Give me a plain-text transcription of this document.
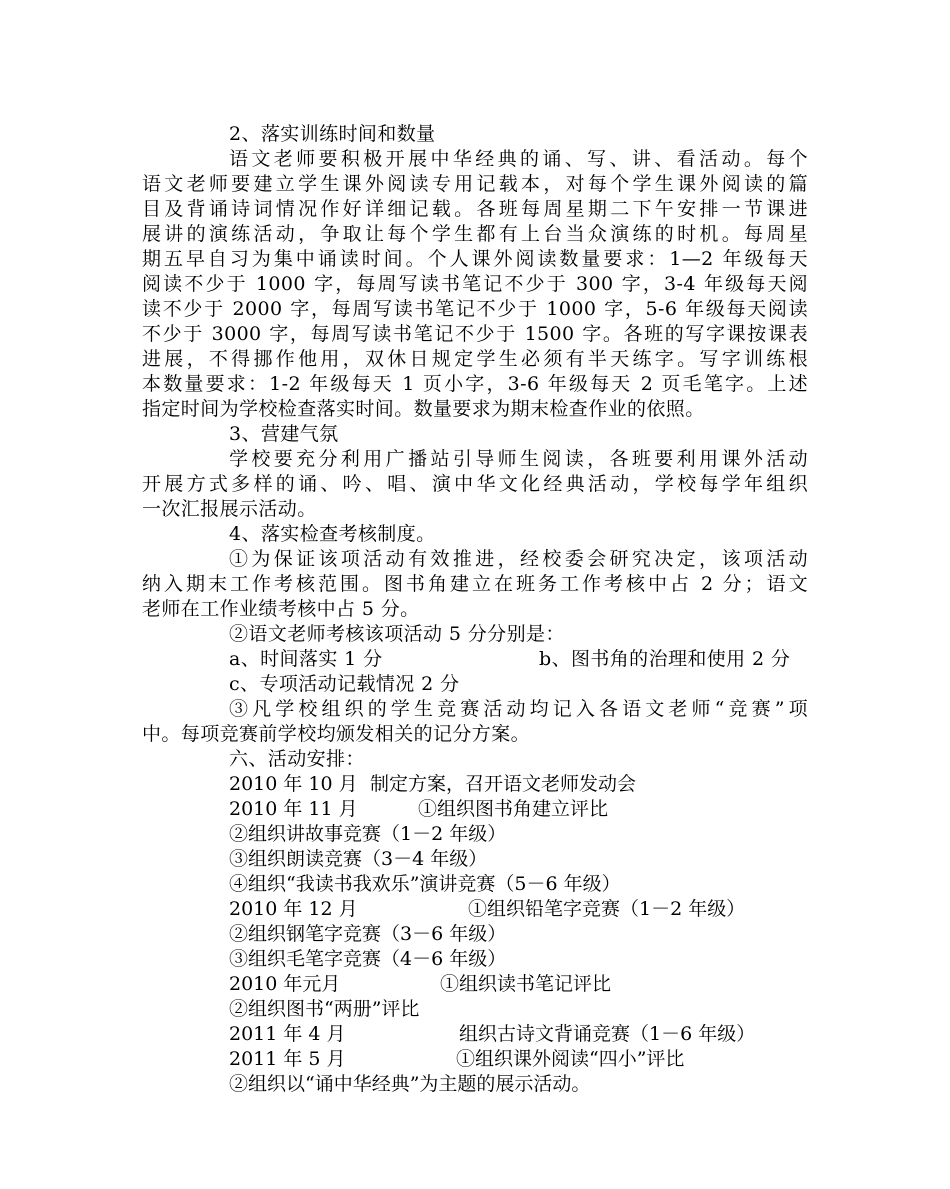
2、落实训练时间和数量
语文老师要积极开展中华经典的诵、写、讲、看活动。每个
语文老师要建立学生课外阅读专用记载本，对每个学生课外阅读的篇
目及背诵诗词情况作好详细记载。各班每周星期二下午安排一节课进
展讲的演练活动，争取让每个学生都有上台当众演练的时机。每周星
期五早自习为集中诵读时间。个人课外阅读数量要求：1—2 年级每天
阅读不少于 1000 字，每周写读书笔记不少于 300 字，3-4 年级每天阅
读不少于 2000 字，每周写读书笔记不少于 1000 字，5-6 年级每天阅读
不少于 3000 字，每周写读书笔记不少于 1500 字。各班的写字课按课表
进展，不得挪作他用，双休日规定学生必须有半天练字。写字训练根
本数量要求：1-2 年级每天 1 页小字，3-6 年级每天 2 页毛笔字。上述
指定时间为学校检查落实时间。数量要求为期末检查作业的依照。
3、营建气氛
学校要充分利用广播站引导师生阅读，各班要利用课外活动
开展方式多样的诵、吟、唱、演中华文化经典活动，学校每学年组织
一次汇报展示活动。
4、落实检查考核制度。
①为保证该项活动有效推进，经校委会研究决定，该项活动
纳入期末工作考核范围。图书角建立在班务工作考核中占 2 分；语文
老师在工作业绩考核中占 5 分。
②语文老师考核该项活动 5 分分别是：
a、时间落实 1 分	b、图书角的治理和使用 2 分
c、专项活动记载情况 2 分
③凡学校组织的学生竞赛活动均记入各语文老师“竞赛”项
中。每项竞赛前学校均颁发相关的记分方案。
六、活动安排：
2010 年 10 月 制定方案，召开语文老师发动会
2010 年 11 月	①组织图书角建立评比
②组织讲故事竞赛（1－2 年级）
③组织朗读竞赛（3－4 年级）
④组织“我读书我欢乐”演讲竞赛（5－6 年级）
2010 年 12 月	①组织铅笔字竞赛（1－2 年级）
②组织钢笔字竞赛（3－6 年级）
③组织毛笔字竞赛（4－6 年级）
2010 年元月	①组织读书笔记评比
②组织图书“两册”评比
2011 年 4 月	组织古诗文背诵竞赛（1－6 年级）
2011 年 5 月	①组织课外阅读“四小”评比
②组织以“诵中华经典”为主题的展示活动。
